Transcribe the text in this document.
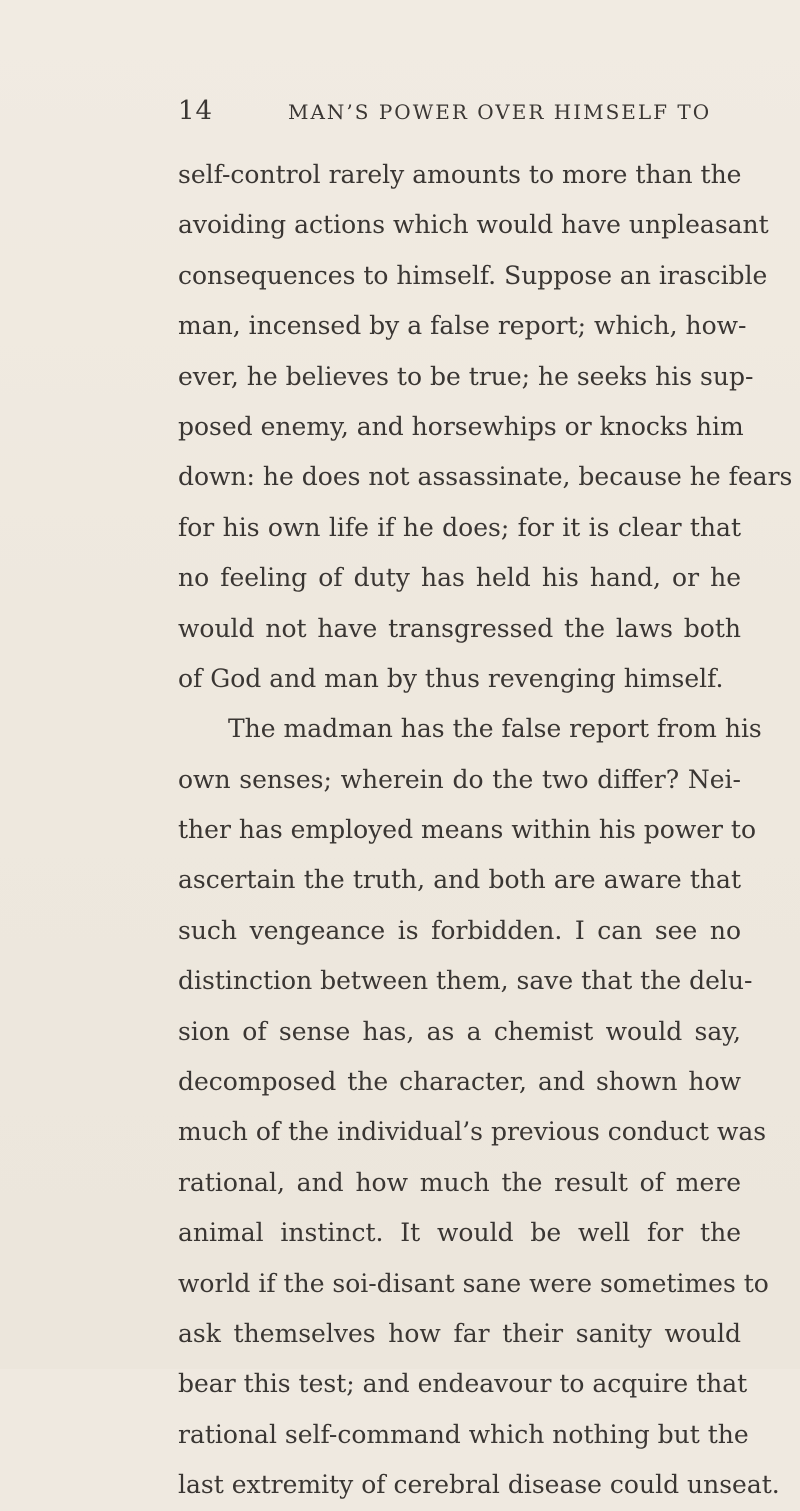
14	MAN’S POWER OVER HIMSELF TO
self-control rarely amounts to more than the
avoiding actions which would have unpleasant
consequences to himself. Suppose an irascible
man, incensed by a false report; which, how-
ever, he believes to be true; he seeks his sup-
posed enemy, and horsewhips or knocks him
down: he does not assassinate, because he fears
for his own life if he does; for it is clear that
no feeling of duty has held his hand, or he
would not have transgressed the laws both
of God and man by thus revenging himself.
The madman has the false report from his
own senses; wherein do the two differ? Nei-
ther has employed means within his power to
ascertain the truth, and both are aware that
such vengeance is forbidden. I can see no
distinction between them, save that the delu-
sion of sense has, as a chemist would say,
decomposed the character, and shown how
much of the individual’s previous conduct was
rational, and how much the result of mere
animal instinct. It would be well for the
world if the soi-disant sane were sometimes to
ask themselves how far their sanity would
bear this test; and endeavour to acquire that
rational self-command which nothing but the
last extremity of cerebral disease could unseat.
